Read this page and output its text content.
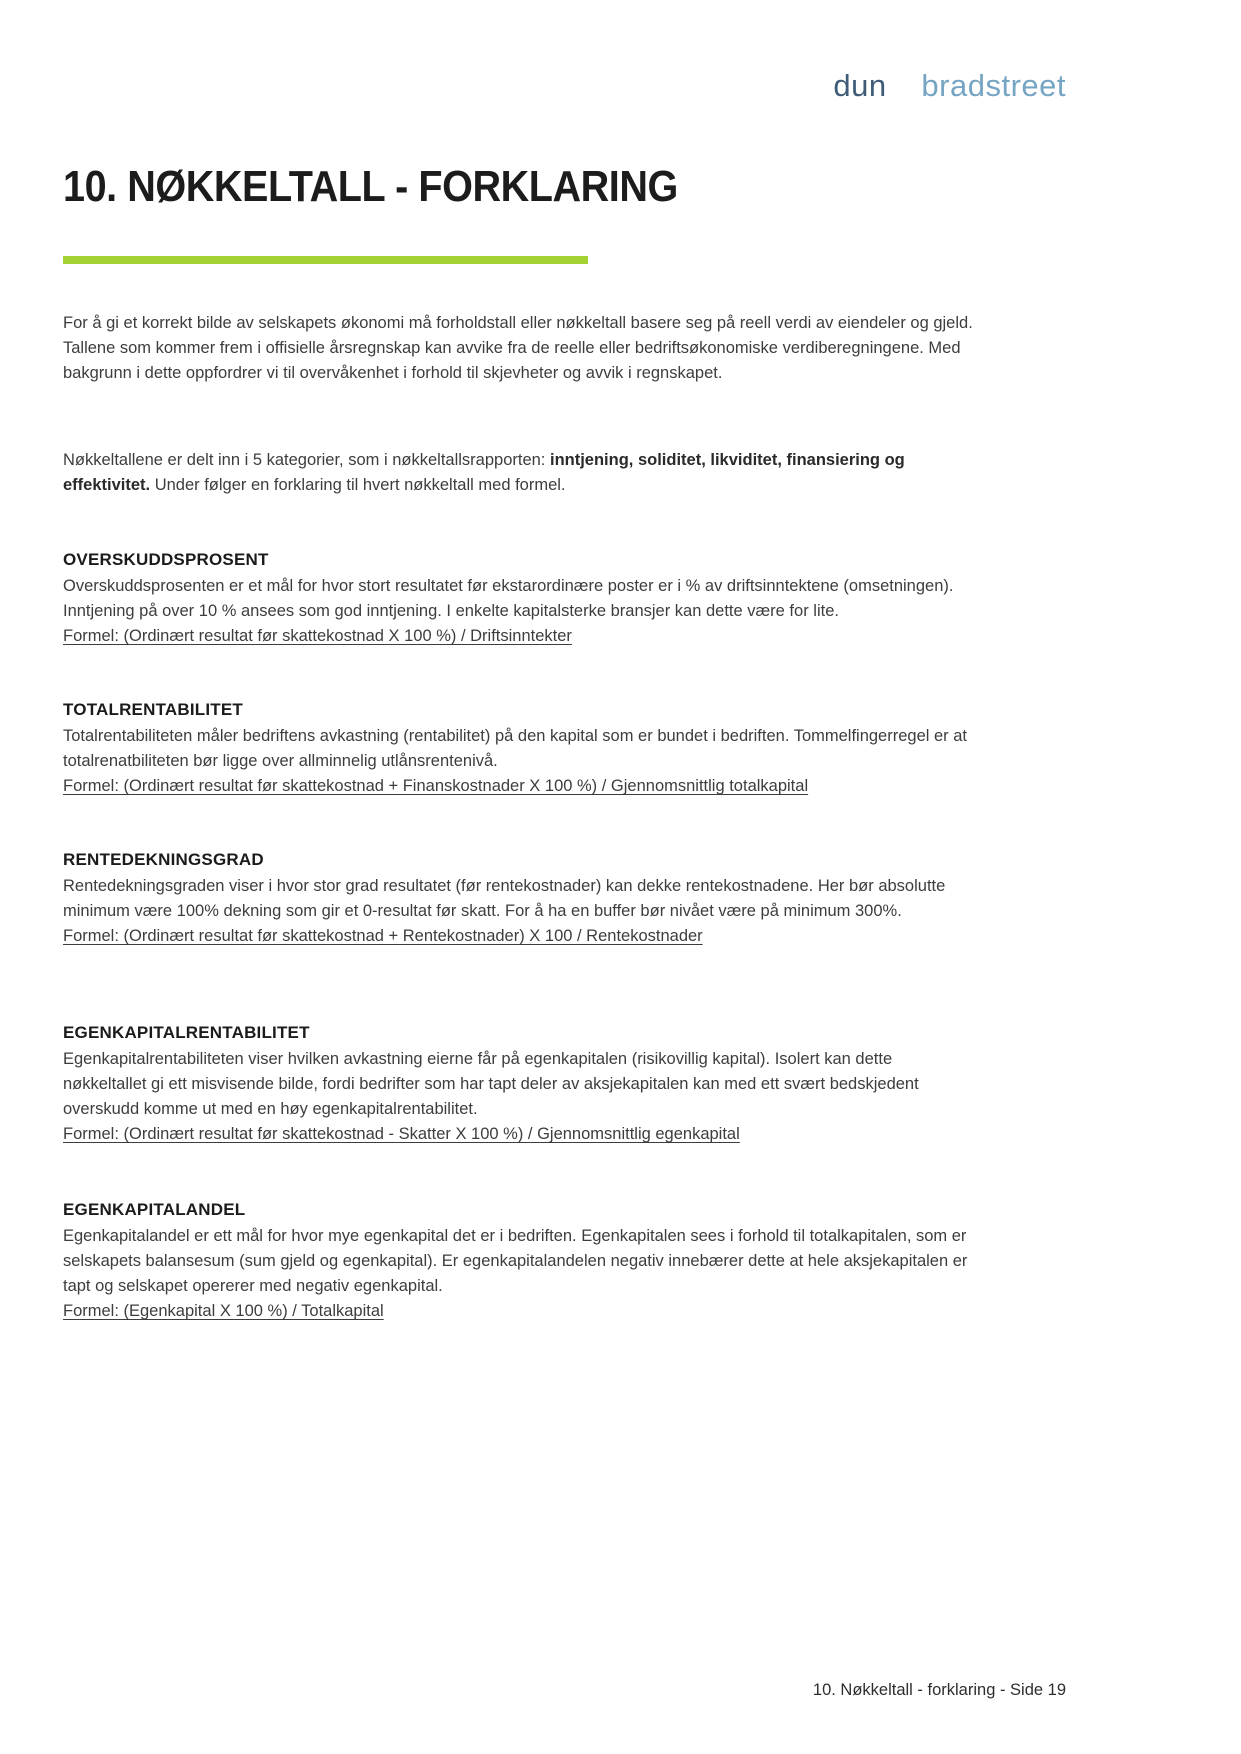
dun&bradstreet
10. NØKKELTALL - FORKLARING

For å gi et korrekt bilde av selskapets økonomi må forholdstall eller nøkkeltall basere seg på reell verdi av eiendeler og gjeld. Tallene som kommer frem i offisielle årsregnskap kan avvike fra de reelle eller bedriftsøkonomiske verdiberegningene. Med bakgrunn i dette oppfordrer vi til overvåkenhet i forhold til skjevheter og avvik i regnskapet.

Nøkkeltallene er delt inn i 5 kategorier, som i nøkkeltallsrapporten: inntjening, soliditet, likviditet, finansiering og effektivitet. Under følger en forklaring til hvert nøkkeltall med formel.

OVERSKUDDSPROSENT

Overskuddsprosenten er et mål for hvor stort resultatet før ekstarordinære poster er i % av driftsinntektene (omsetningen). Inntjening på over 10 % ansees som god inntjening. I enkelte kapitalsterke bransjer kan dette være for lite.

Formel: (Ordinært resultat før skattekostnad X 100 %) / Driftsinntekter

TOTALRENTABILITET

Totalrentabiliteten måler bedriftens avkastning (rentabilitet) på den kapital som er bundet i bedriften. Tommelfingerregel er at totalrenatbiliteten bør ligge over allminnelig utlånsrentenivå.

Formel: (Ordinært resultat før skattekostnad + Finanskostnader X 100 %) / Gjennomsnittlig totalkapital

RENTEDEKNINGSGRAD

Rentedekningsgraden viser i hvor stor grad resultatet (før rentekostnader) kan dekke rentekostnadene. Her bør absolutte minimum være 100% dekning som gir et 0-resultat før skatt. For å ha en buffer bør nivået være på minimum 300%.

Formel: (Ordinært resultat før skattekostnad + Rentekostnader) X 100 / Rentekostnader

EGENKAPITALRENTABILITET

Egenkapitalrentabiliteten viser hvilken avkastning eierne får på egenkapitalen (risikovillig kapital). Isolert kan dette nøkkeltallet gi ett misvisende bilde, fordi bedrifter som har tapt deler av aksjekapitalen kan med ett svært bedskjedent overskudd komme ut med en høy egenkapitalrentabilitet.

Formel: (Ordinært resultat før skattekostnad - Skatter X 100 %) / Gjennomsnittlig egenkapital

EGENKAPITALANDEL

Egenkapitalandel er ett mål for hvor mye egenkapital det er i bedriften. Egenkapitalen sees i forhold til totalkapitalen, som er selskapets balansesum (sum gjeld og egenkapital). Er egenkapitalandelen negativ innebærer dette at hele aksjekapitalen er tapt og selskapet opererer med negativ egenkapital.

Formel: (Egenkapital X 100 %) / Totalkapital

10. Nøkkeltall - forklaring - Side 19
